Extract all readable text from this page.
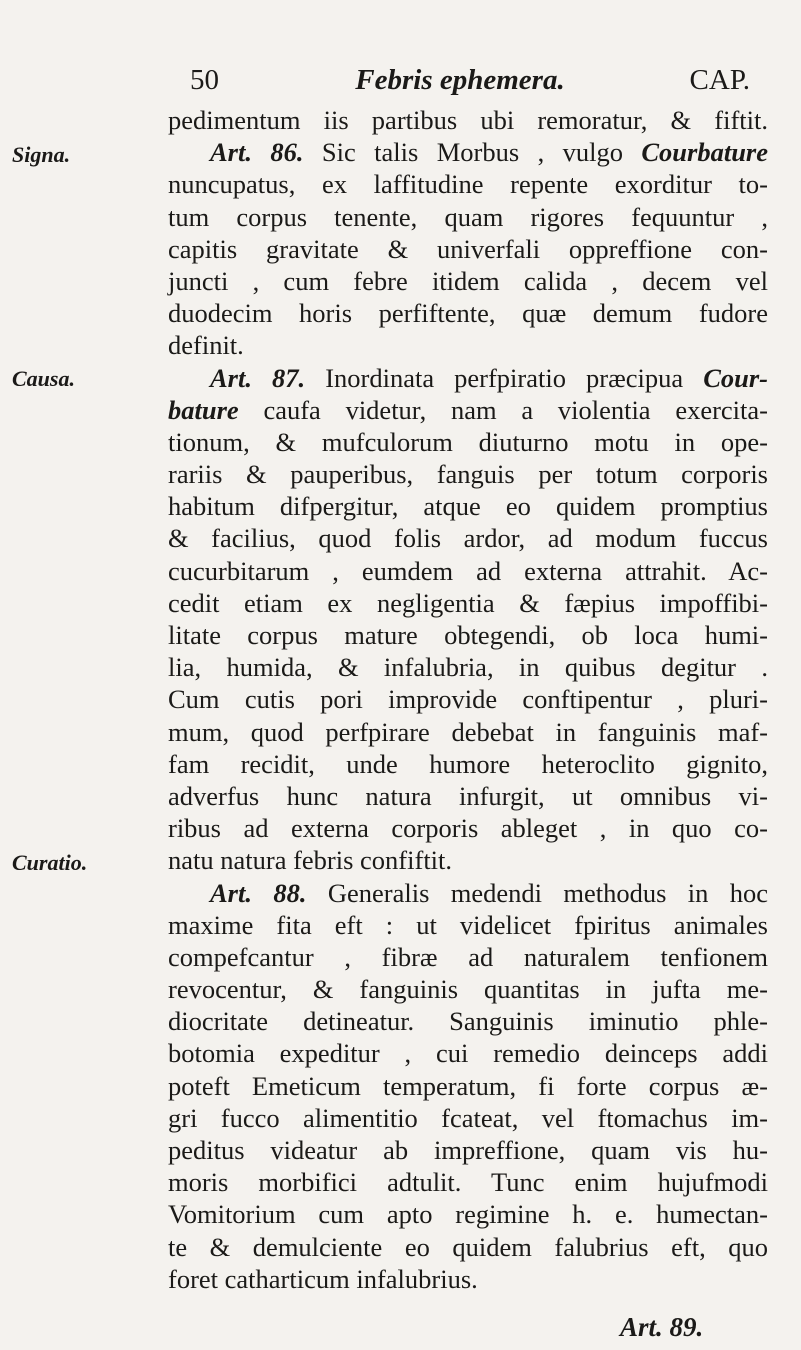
50	Febris ephemera.	CAP.
Signa.
Causa.
Curatio.
pedimentum iis partibus ubi remoratur, & fiftit.
Art. 86. Sic talis Morbus , vulgo Courbature
nuncupatus, ex laffitudine repente exorditur to-
tum corpus tenente, quam rigores fequuntur ,
capitis gravitate & univerfali oppreffione con-
juncti , cum febre itidem calida , decem vel
duodecim horis perfiftente, quæ demum fudore
definit.
Art. 87. Inordinata perfpiratio præcipua Cour-
bature caufa videtur, nam a violentia exercita-
tionum, & mufculorum diuturno motu in ope-
rariis & pauperibus, fanguis per totum corporis
habitum difpergitur, atque eo quidem promptius
& facilius, quod folis ardor, ad modum fuccus
cucurbitarum , eumdem ad externa attrahit. Ac-
cedit etiam ex negligentia & fæpius impoffibi-
litate corpus mature obtegendi, ob loca humi-
lia, humida, & infalubria, in quibus degitur .
Cum cutis pori improvide conftipentur , pluri-
mum, quod perfpirare debebat in fanguinis maf-
fam recidit, unde humore heteroclito gignito,
adverfus hunc natura infurgit, ut omnibus vi-
ribus ad externa corporis ableget , in quo co-
natu natura febris confiftit.
Art. 88. Generalis medendi methodus in hoc
maxime fita eft : ut videlicet fpiritus animales
compefcantur , fibræ ad naturalem tenfionem
revocentur, & fanguinis quantitas in jufta me-
diocritate detineatur. Sanguinis iminutio phle-
botomia expeditur , cui remedio deinceps addi
poteft Emeticum temperatum, fi forte corpus æ-
gri fucco alimentitio fcateat, vel ftomachus im-
peditus videatur ab impreffione, quam vis hu-
moris morbifici adtulit. Tunc enim hujufmodi
Vomitorium cum apto regimine h. e. humectan-
te & demulciente eo quidem falubrius eft, quo
foret catharticum infalubrius.
Art. 89.
